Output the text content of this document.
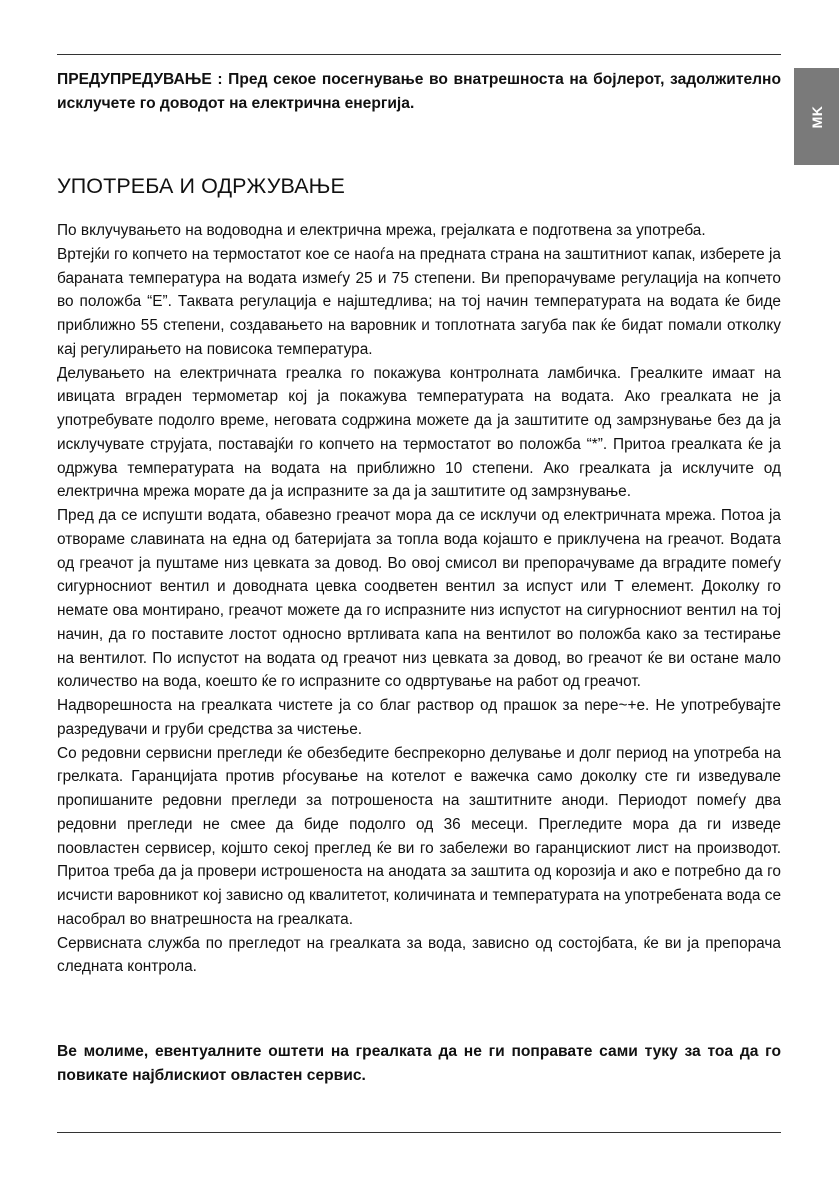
MK

ПРЕДУПРЕДУВАЊЕ : Пред секое посегнување во внатрешноста на бојлерот, задолжително исклучете го доводот на електрична енергија.

УПОТРЕБА И ОДРЖУВАЊЕ

По вклучувањето на водоводна и електрична мрежа, грејалката е подготвена за употреба.

Вртејќи го копчето на термостатот кое се наоѓа на предната страна на заштитниот капак, изберете ја бараната температура на водата измеѓу 25 и 75 степени. Ви препорачуваме регулација на копчето во положба “Е”. Таквата регулација е најштедлива; на тој начин температурата на водата ќе биде приближно 55 степени, создавањето на варовник и топлотната загуба пак ќе бидат помали отколку кај регулирањето на повисока температура.

Делувањето на електричната греалка го покажува контролната ламбичка. Греалките имаат на ивицата вграден термометар кој ја покажува температурата на водата. Ако греалката не ја употребувате подолго време, неговата содржина можете да ја заштитите од замрзнување без да ја исклучувате струјата, поставајќи го копчето на термостатот во положба “*”. Притоа греалката ќе ја одржува температурата на водата на приближно 10 степени. Ако греалката ја исклучите од електрична мрежа морате да ја испразните за да ја заштитите од замрзнување.

Пред да се испушти водата, обавезно греачот мора да се исклучи од електричната мрежа. Потоа ја отвораме славината на една од батеријата за топла вода којашто е приклучена на греачот. Водата од греачот ја пуштаме низ цевката за довод. Во овој смисол ви препорачуваме да вградите помеѓу сигурносниот вентил и доводната цевка соодветен вентил за испуст или Т елемент. Доколку го немате ова монтирано, греачот можете да го испразните низ испустот на сигурносниот вентил на тој начин, да го поставите лостот односно вртливата капа на вентилот во положба како за тестирање на вентилот. По испустот на водата од греачот низ цевката за довод, во греачот ќе ви остане мало количество на вода, коешто ќе го испразните со одвртување на работ од греачот.

Надворешноста на греалката чистете ја со благ раствор од прашок за nepe~+e. Не употребувајте разредувачи и груби средства за чистење.

Со редовни сервисни прегледи ќе обезбедите беспрекорно делување и долг период на употреба на грелката. Гаранцијата против рѓосување на котелот е важечка само доколку сте ги изведувале пропишаните редовни прегледи за потрошеноста на заштитните аноди. Периодот помеѓу два редовни прегледи не смее да биде подолго од 36 месеци. Прегледите мора да ги изведе поовластен сервисер, којшто секој преглед ќе ви го забележи во гаранцискиот лист на производот. Притоа треба да ја провери истрошеноста на анодата за заштита од корозија и ако е потребно да го исчисти варовникот кој зависно од квалитетот, количината и температурата на употребената вода се насобрал во внатрешноста на греалката.

Сервисната служба по прегледот на греалката за вода, зависно од состојбата, ќе ви ја препорача следната контрола.

Ве молиме, евентуалните оштети на греалката да не ги поправате сами туку за тоа да го повикате најблискиот овластен сервис.
